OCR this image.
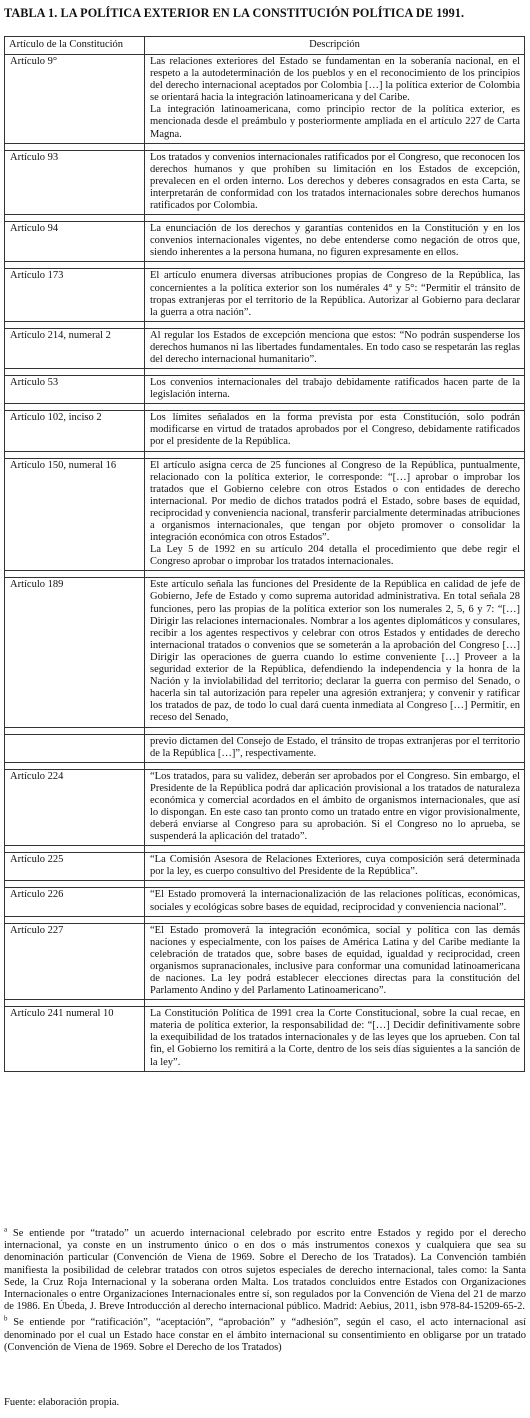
TABLA 1. LA POLÍTICA EXTERIOR EN LA CONSTITUCIÓN POLÍTICA DE 1991.
Artículo de la Constitución	Descripción
Artículo 9°	Las relaciones exteriores del Estado se fundamentan en la soberanía nacional, en el respeto a la autodeterminación de los pueblos y en el reconocimiento de los principios del derecho internacional aceptados por Colombia […] la política exterior de Colombia se orientará hacia la integración latinoamericana y del Caribe.

La integración latinoamericana, como principio rector de la política exterior, es mencionada desde el preámbulo y posteriormente ampliada en el artículo 227 de Carta Magna.

Artículo 93	Los tratados y convenios internacionales ratificados por el Congreso, que reconocen los derechos humanos y que prohíben su limitación en los Estados de excepción, prevalecen en el orden interno. Los derechos y deberes consagrados en esta Carta, se interpretarán de conformidad con los tratados internacionales sobre derechos humanos ratificados por Colombia.

Artículo 94	La enunciación de los derechos y garantías contenidos en la Constitución y en los convenios internacionales vigentes, no debe entenderse como negación de otros que, siendo inherentes a la persona humana, no figuren expresamente en ellos.

Artículo 173	El artículo enumera diversas atribuciones propias de Congreso de la República, las concernientes a la política exterior son los numérales 4° y 5°: “Permitir el tránsito de tropas extranjeras por el territorio de la República. Autorizar al Gobierno para declarar la guerra a otra nación”.

Artículo 214, numeral 2	Al regular los Estados de excepción menciona que estos: “No podrán suspenderse los derechos humanos ni las libertades fundamentales. En todo caso se respetarán las reglas del derecho internacional humanitario”.

Artículo 53	Los convenios internacionales del trabajo debidamente ratificados hacen parte de la legislación interna.

Artículo 102, inciso 2	Los límites señalados en la forma prevista por esta Constitución, solo podrán modificarse en virtud de tratados aprobados por el Congreso, debidamente ratificados por el presidente de la República.

Artículo 150, numeral 16	El artículo asigna cerca de 25 funciones al Congreso de la República, puntualmente, relacionado con la política exterior, le corresponde: “[…] aprobar o improbar los tratados que el Gobierno celebre con otros Estados o con entidades de derecho internacional. Por medio de dichos tratados podrá el Estado, sobre bases de equidad, reciprocidad y conveniencia nacional, transferir parcialmente determinadas atribuciones a organismos internacionales, que tengan por objeto promover o consolidar la integración económica con otros Estados”.

La Ley 5 de 1992 en su artículo 204 detalla el procedimiento que debe regir el Congreso aprobar o improbar los tratados internacionales.

Artículo 189	Este artículo señala las funciones del Presidente de la República en calidad de jefe de Gobierno, Jefe de Estado y como suprema autoridad administrativa. En total señala 28 funciones, pero las propias de la política exterior son los numerales 2, 5, 6 y 7: “[…] Dirigir las relaciones internacionales. Nombrar a los agentes diplomáticos y consulares, recibir a los agentes respectivos y celebrar con otros Estados y entidades de derecho internacional tratados o convenios que se someterán a la aprobación del Congreso […] Dirigir las operaciones de guerra cuando lo estime conveniente […] Proveer a la seguridad exterior de la República, defendiendo la independencia y la honra de la Nación y la inviolabilidad del territorio; declarar la guerra con permiso del Senado, o hacerla sin tal autorización para repeler una agresión extranjera; y convenir y ratificar los tratados de paz, de todo lo cual dará cuenta inmediata al Congreso […] Permitir, en receso del Senado,

	previo dictamen del Consejo de Estado, el tránsito de tropas extranjeras por el territorio de la República […]”, respectivamente.

Artículo 224	“Los tratados, para su validez, deberán ser aprobados por el Congreso. Sin embargo, el Presidente de la República podrá dar aplicación provisional a los tratados de naturaleza económica y comercial acordados en el ámbito de organismos internacionales, que así lo dispongan. En este caso tan pronto como un tratado entre en vigor provisionalmente, deberá enviarse al Congreso para su aprobación. Si el Congreso no lo aprueba, se suspenderá la aplicación del tratado”.

Artículo 225	“La Comisión Asesora de Relaciones Exteriores, cuya composición será determinada por la ley, es cuerpo consultivo del Presidente de la República”.

Artículo 226	“El Estado promoverá la internacionalización de las relaciones políticas, económicas, sociales y ecológicas sobre bases de equidad, reciprocidad y conveniencia nacional”.

Artículo 227	“El Estado promoverá la integración económica, social y política con las demás naciones y especialmente, con los países de América Latina y del Caribe mediante la celebración de tratados que, sobre bases de equidad, igualdad y reciprocidad, creen organismos supranacionales, inclusive para conformar una comunidad latinoamericana de naciones. La ley podrá establecer elecciones directas para la constitución del Parlamento Andino y del Parlamento Latinoamericano”.

Artículo 241 numeral 10	La Constitución Política de 1991 crea la Corte Constitucional, sobre la cual recae, en materia de política exterior, la responsabilidad de: “[…] Decidir definitivamente sobre la exequibilidad de los tratados internacionales y de las leyes que los aprueben. Con tal fin, el Gobierno los remitirá a la Corte, dentro de los seis días siguientes a la sanción de la ley”.

$^a$ Se entiende por “tratado” un acuerdo internacional celebrado por escrito entre Estados y regido por el derecho internacional, ya conste en un instrumento único o en dos o más instrumentos conexos y cualquiera que sea su denominación particular (Convención de Viena de 1969. Sobre el Derecho de los Tratados). La Convención también manifiesta la posibilidad de celebrar tratados con otros sujetos especiales de derecho internacional, tales como: la Santa Sede, la Cruz Roja Internacional y la soberana orden Malta. Los tratados concluidos entre Estados con Organizaciones Internacionales o entre Organizaciones Internacionales entre sí, son regulados por la Convención de Viena del 21 de marzo de 1986. En Úbeda, J. Breve Introducción al derecho internacional público. Madrid: Aebius, 2011, isbn 978-84-15209-65-2.

$^b$ Se entiende por “ratificación”, “aceptación”, “aprobación” y “adhesión”, según el caso, el acto internacional así denominado por el cual un Estado hace constar en el ámbito internacional su consentimiento en obligarse por un tratado (Convención de Viena de 1969. Sobre el Derecho de los Tratados)

Fuente: elaboración propia.
